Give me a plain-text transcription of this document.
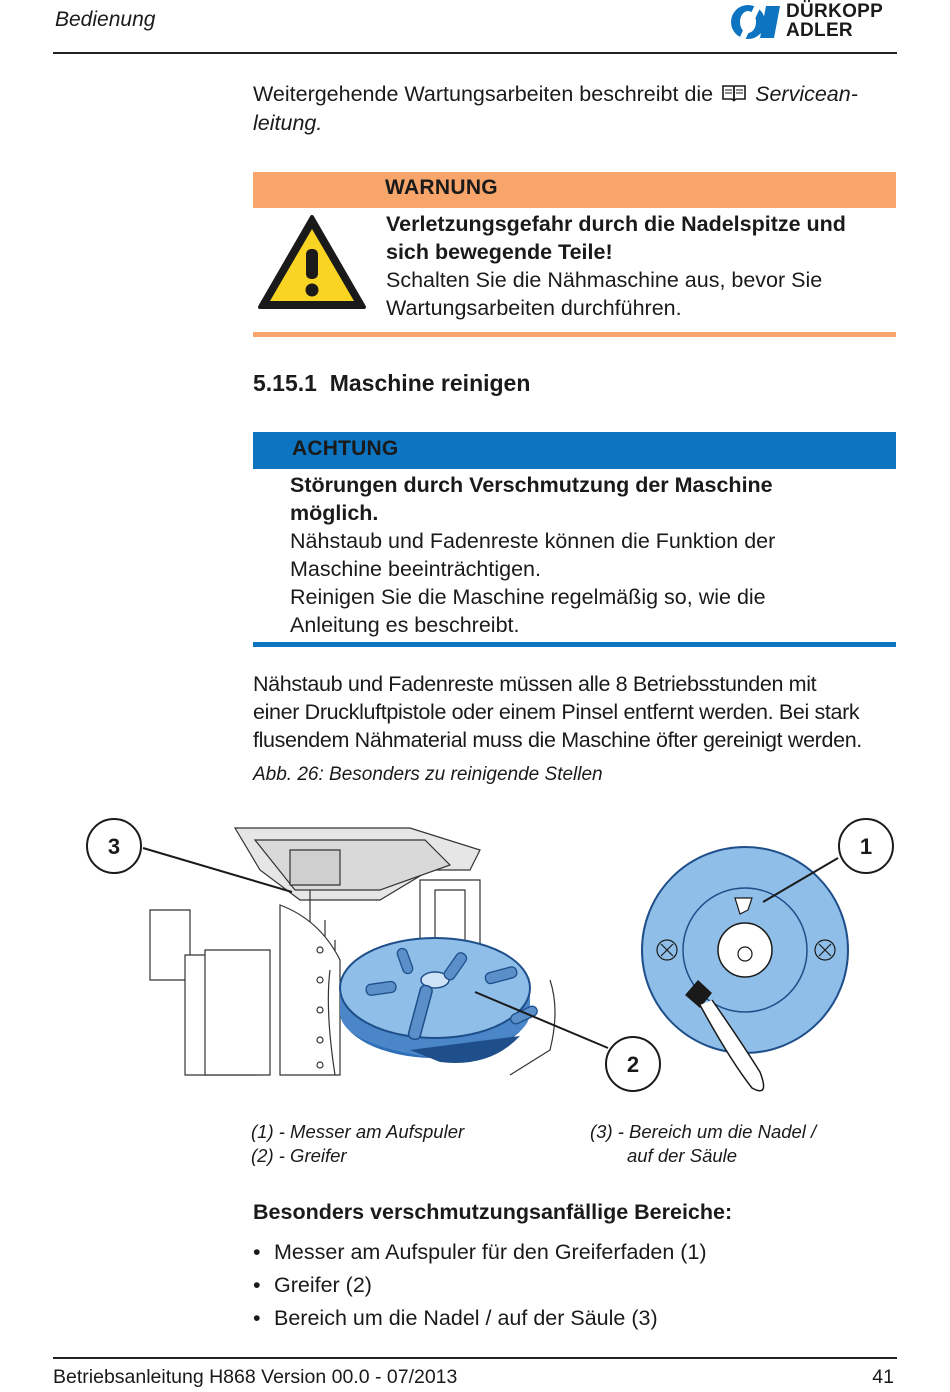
Bedienung	DÜRKOPP
ADLER
Weitergehende Wartungsarbeiten beschreibt die Servicean-
leitung.
WARNUNG
Verletzungsgefahr durch die Nadelspitze und
sich bewegende Teile!
Schalten Sie die Nähmaschine aus, bevor Sie
Wartungsarbeiten durchführen.
5.15.1  Maschine reinigen
ACHTUNG
Störungen durch Verschmutzung der Maschine
möglich.
Nähstaub und Fadenreste können die Funktion der
Maschine beeinträchtigen.
Reinigen Sie die Maschine regelmäßig so, wie die
Anleitung es beschreibt.
Nähstaub und Fadenreste müssen alle 8 Betriebsstunden mit
einer Druckluftpistole oder einem Pinsel entfernt werden. Bei stark
flusendem Nähmaterial muss die Maschine öfter gereinigt werden.
Abb. 26: Besonders zu reinigende Stellen
3	1
2
(1) - Messer am Aufspuler
(2) - Greifer
(3) - Bereich um die Nadel /
auf der Säule
Besonders verschmutzungsanfällige Bereiche:
• Messer am Aufspuler für den Greiferfaden (1)
• Greifer (2)
• Bereich um die Nadel / auf der Säule (3)
Betriebsanleitung H868 Version 00.0 - 07/2013	41
